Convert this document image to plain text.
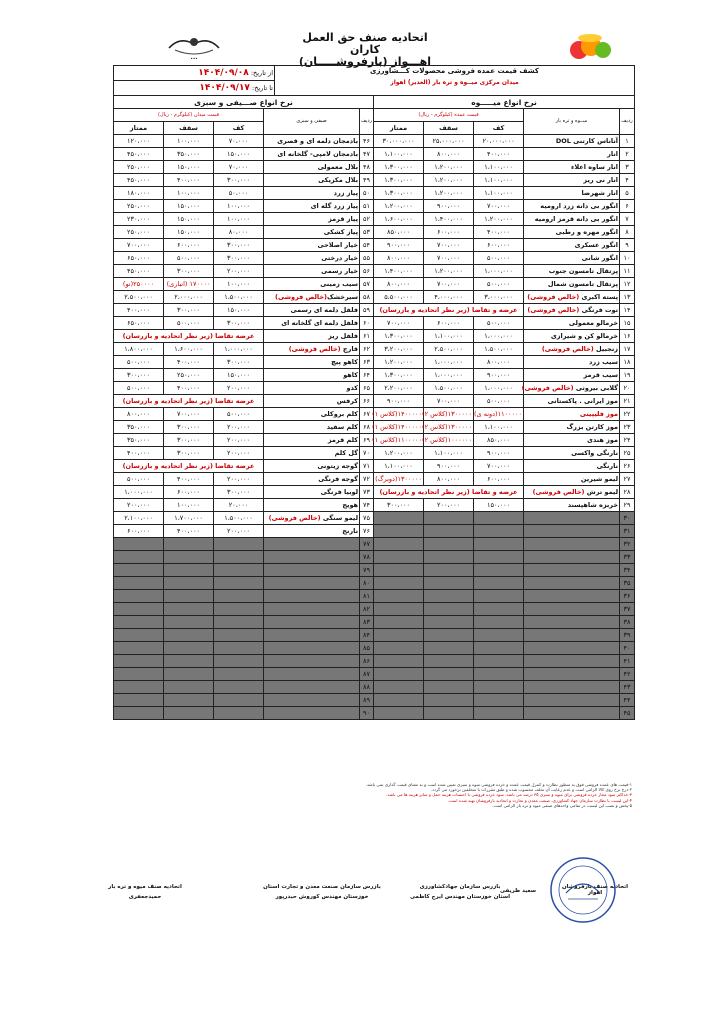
•••
اتحادیه صنف حق العمل کاران
(بارفروشـــــان) اهـــواز
از تاریخ: ۱۴۰۴/۰۹/۰۸	کشف قیمت عمده فروشی محصولات کـــشاورزی
میدان مرکزی میــوه و تره بار (الغدیر) اهواز

تا تاریخ: ۱۴۰۴/۰۹/۱۷
نرخ انواع صـــیفی و سبزی				
ردیف	صیفی و سبزی	قیمت میدان (کیلوگرم - ریال)		
		کف	سقف	ممتاز
۴۶	بادمجان دلمه ای و قصری	۷۰،۰۰۰	۱۰۰،۰۰۰	۱۲۰،۰۰۰
۴۷	بادمجان لامپی- گلخانه ای	۱۵۰،۰۰۰	۳۵۰،۰۰۰	۴۵۰،۰۰۰
۴۸	بلال معمولی	۷۰،۰۰۰	۱۵۰،۰۰۰	۲۵۰،۰۰۰
۴۹	بلال مکزیکی	۳۰۰،۰۰۰	۴۰۰،۰۰۰	۴۵۰،۰۰۰
۵۰	پیاز زرد	۵۰،۰۰۰	۱۰۰،۰۰۰	۱۸۰،۰۰۰
۵۱	پیاز زرد گله ای	۱۰۰،۰۰۰	۱۵۰،۰۰۰	۲۵۰،۰۰۰
۵۲	پیاز قرمز	۱۰۰،۰۰۰	۱۵۰،۰۰۰	۲۳۰،۰۰۰
۵۳	پیاز کشکی	۸۰،۰۰۰	۱۵۰،۰۰۰	۲۵۰،۰۰۰
۵۴	خیار اصلاحی	۳۰۰،۰۰۰	۶۰۰،۰۰۰	۷۰۰،۰۰۰
۵۵	خیار درختی	۳۰۰،۰۰۰	۵۰۰،۰۰۰	۶۵۰،۰۰۰
۵۶	خیار رسمی	۲۰۰،۰۰۰	۳۰۰،۰۰۰	۴۵۰،۰۰۰
۵۷	سیب زمینی	۱۰۰،۰۰۰	۱۷۰۰۰۰ (انباری)	۲۵۰۰۰۰(نو)
۵۸	سیرخشک(خالص فروشی)	۱،۵۰۰،۰۰۰	۲،۰۰۰،۰۰۰	۲،۵۰۰،۰۰۰
۵۹	فلفل دلمه ای رسمی	۱۵۰،۰۰۰	۳۰۰،۰۰۰	۴۰۰،۰۰۰
۶۰	فلفل دلمه ای گلخانه ای	۳۰۰،۰۰۰	۵۰۰،۰۰۰	۶۵۰،۰۰۰
۶۱	فلفل ریز	عرضه تقاضا (زیر نظر اتحادیه و بازرسان)		
۶۲	قارچ (خالص فروشی)	۱،۰۰۰،۰۰۰	۱،۶۰۰،۰۰۰	۱،۸۰۰،۰۰۰
۶۳	کاهو پیچ	۳۰۰،۰۰۰	۴۰۰،۰۰۰	۵۰۰،۰۰۰
۶۴	کاهو	۱۵۰،۰۰۰	۲۵۰،۰۰۰	۳۰۰،۰۰۰
۶۵	کدو	۲۰۰،۰۰۰	۴۰۰،۰۰۰	۵۰۰،۰۰۰
۶۶	کرفس	عرضه تقاضا (زیر نظر اتحادیه و بازرسان)		
۶۷	کلم بروکلی	۵۰۰،۰۰۰	۷۰۰،۰۰۰	۸۰۰،۰۰۰
۶۸	کلم سفید	۲۰۰،۰۰۰	۳۰۰،۰۰۰	۳۵۰،۰۰۰
۶۹	کلم قرمز	۲۰۰،۰۰۰	۳۰۰،۰۰۰	۳۵۰،۰۰۰
۷۰	گل کلم	۲۰۰،۰۰۰	۳۰۰،۰۰۰	۴۰۰،۰۰۰
۷۱	گوجه زیتونی	عرضه تقاضا (زیر نظر اتحادیه و بازرسان)		
۷۲	گوجه فرنگی	۲۰۰،۰۰۰	۴۰۰،۰۰۰	۵۰۰،۰۰۰
۷۳	لوبیا فرنگی	۳۰۰،۰۰۰	۶۰۰،۰۰۰	۱،۰۰۰،۰۰۰
۷۴	هویج	۲۰،۰۰۰	۱۰۰،۰۰۰	۲۰۰،۰۰۰
۷۵	لیمو سنگی (خالص فروشی)	۱،۵۰۰،۰۰۰	۱،۷۰۰،۰۰۰	۲،۱۰۰،۰۰۰
۷۶	نارنج	۲۰۰،۰۰۰	۴۰۰،۰۰۰	۶۰۰،۰۰۰
۷۷				
۷۸				
۷۹				
۸۰				
۸۱				
۸۲				
۸۳				
۸۴				
۸۵				
۸۶				
۸۷				
۸۸				
۸۹				
۹۰				
نرخ انواع میـــــوه				
ردیف	میــوه و تره بار	قیمت عمده (کیلوگرم - ریال)		
		کف	سقف	ممتاز
۱	آناناس کارتنی DOL	۲۰،۰۰۰،۰۰۰	۲۵،۰۰۰،۰۰۰	۳۰،۰۰۰،۰۰۰
۲	انار	۴۰۰،۰۰۰	۸۰۰،۰۰۰	۱،۱۰۰،۰۰۰
۳	انار ساوه اعلاء	۱،۱۰۰،۰۰۰	۱،۲۰۰،۰۰۰	۱،۳۰۰،۰۰۰
۴	انار نی ریز	۱،۱۰۰،۰۰۰	۱،۲۰۰،۰۰۰	۱،۳۰۰،۰۰۰
۵	انار شهرضا	۱،۱۰۰،۰۰۰	۱،۲۰۰،۰۰۰	۱،۳۰۰،۰۰۰
۶	انگور بی دانه زرد ارومیه	۷۰۰،۰۰۰	۹۰۰،۰۰۰	۱،۲۰۰،۰۰۰
۷	انگور بی دانه قرمز ارومیه	۱،۲۰۰،۰۰۰	۱،۴۰۰،۰۰۰	۱،۶۰۰،۰۰۰
۸	انگور مهره و رطبی	۴۰۰،۰۰۰	۶۰۰،۰۰۰	۸۵۰،۰۰۰
۹	انگور عسکری	۶۰۰،۰۰۰	۷۰۰،۰۰۰	۹۰۰،۰۰۰
۱۰	انگور شانی	۵۰۰،۰۰۰	۷۰۰،۰۰۰	۸۰۰،۰۰۰
۱۱	پرتقال تامسون جنوب	۱،۰۰۰،۰۰۰	۱،۲۰۰،۰۰۰	۱،۴۰۰،۰۰۰
۱۲	پرتقال تامسون شمال	۵۰۰،۰۰۰	۷۰۰،۰۰۰	۸۰۰،۰۰۰
۱۳	پسته اکبری (خالص فروشی)	۳،۰۰۰،۰۰۰	۴،۰۰۰،۰۰۰	۵،۵۰۰،۰۰۰
۱۴	توت فرنگی (خالص فروشی)	عرضه و تقاضا (زیر نظر اتحادیه و بازرسان)		
۱۵	خرمالو معمولی	۵۰۰،۰۰۰	۶۰۰،۰۰۰	۷۰۰،۰۰۰
۱۶	خرمالو کن و شیرازی	۱،۰۰۰،۰۰۰	۱،۱۰۰،۰۰۰	۱،۳۰۰،۰۰۰
۱۷	زنجبیل (خالص فروشی)	۱،۵۰۰،۰۰۰	۲،۵۰۰،۰۰۰	۳،۲۰۰،۰۰۰
۱۸	سیب زرد	۸۰۰،۰۰۰	۱،۰۰۰،۰۰۰	۱،۲۰۰،۰۰۰
۱۹	سیب قرمز	۹۰۰،۰۰۰	۱،۰۰۰،۰۰۰	۱،۳۰۰،۰۰۰
۲۰	گلابی بیروتی (خالص فروشی)	۱،۰۰۰،۰۰۰	۱،۵۰۰،۰۰۰	۲،۲۰۰،۰۰۰
۲۱	موز ایرانی . پاکستانی	۵۰۰،۰۰۰	۷۰۰،۰۰۰	۹۰۰،۰۰۰
۲۲	موز فلیپینی	۱۱۰۰۰۰۰(دونه ی)	۱۳۰۰۰۰۰(کلاس ۲)	۱۴۰۰۰۰۰(کلاس ۱)
۲۳	موز کارتن بزرگ	۱،۱۰۰،۰۰۰	۱۳۰۰۰۰۰(کلاس ۲)	۱۴۰۰۰۰۰(کلاس ۱)
۲۴	موز هندی	۸۵۰،۰۰۰	۱۰۰۰۰۰۰(کلاس ۲)	۱۱۰۰۰۰۰(کلاس ۱)
۲۵	نارنگی واکسی	۹۰۰،۰۰۰	۱،۱۰۰،۰۰۰	۱،۲۰۰،۰۰۰
۲۶	نارنگی	۷۰۰،۰۰۰	۹۰۰،۰۰۰	۱،۱۰۰،۰۰۰
۲۷	لیمو شیرین	۶۰۰،۰۰۰	۸۰۰،۰۰۰	۱۳۰۰۰۰۰(دوبرگ)
۲۸	لیمو ترش (خالص فروشی)	عرضه و تقاضا (زیر نظر اتحادیه و بازرسان)		
۲۹	خربزه شاهپسند	۱۵۰،۰۰۰	۲۰۰،۰۰۰	۳۰۰،۰۰۰
۳۰				
۳۱				
۳۲				
۳۳				
۳۴				
۳۵				
۳۶				
۳۷				
۳۸				
۳۹				
۴۰				
۴۱				
۴۲				
۴۳				
۴۴				
۴۵				
۱-قیمت های عمده فروشی فوق به منظور نظارت و کنترل قیمت عمده و خرده فروشی میوه و سبزی تعیین شده است و به معنای قیمت گذاری نمی باشد.
۲-درج نرخ روی کالا الزامی است و عدم رعایت آن تخلف محسوب شده و طبق مقررات با متخلفین برخورد می گردد.
۳-حداکثر سود مجاز خرده فروشی برای میوه و سبزی ۳۵ درصد می باشد. سود خرده فروشی با احتساب هزینه حمل و سایر هزینه ها می باشد.
۴-این لیست با نظارت سازمان جهاد کشاورزی، صنعت معدن و تجارت و اتحادیه بارفروشان تهیه شده است.
۵-پخش و نصب این لیست در تمامی واحدهای صنفی میوه و تره بار الزامی است.
اتحادیه صنف میوه و تره بار
حمیدجعفری
بازرس سازمان صنعت معدن و تجارت استان
خوزستان مهندس کوروش حیدرپور
بازرس سازمان جهادکشاورزی
استان خوزستان مهندس ایرج کاظمی
سعید ظریفی
اتحادیه صنف بارفروشان اهواز
